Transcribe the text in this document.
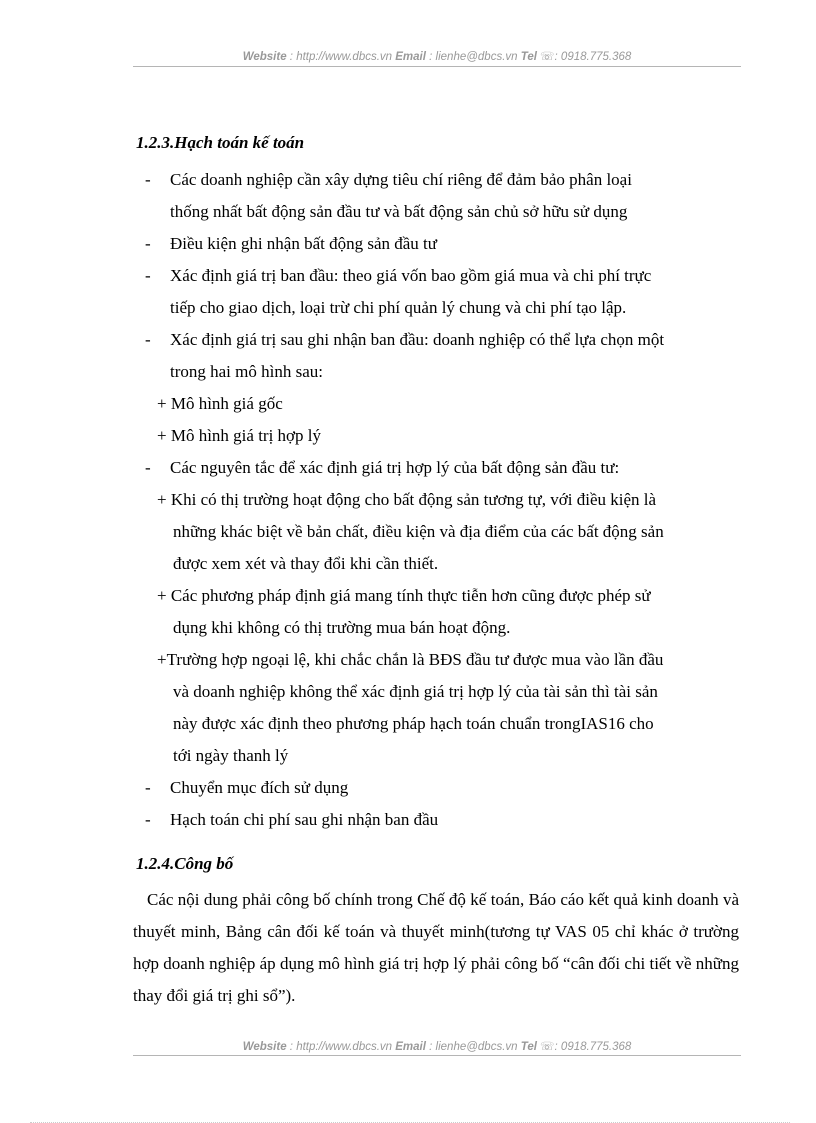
Website : http://www.dbcs.vn Email : lienhe@dbcs.vn Tel ☏: 0918.775.368

1.2.3.Hạch toán kế toán

- Các doanh nghiệp cần xây dựng tiêu chí riêng để đảm bảo phân loại
thống nhất bất động sản đầu tư và bất động sản chủ sở hữu sử dụng
- Điều kiện ghi nhận bất động sản đầu tư
- Xác định giá trị ban đầu: theo giá vốn bao gồm giá mua và chi phí trực
tiếp cho giao dịch, loại trừ chi phí quản lý chung và chi phí tạo lập.
- Xác định giá trị sau ghi nhận ban đầu: doanh nghiệp có thể lựa chọn một
trong hai mô hình sau:
+ Mô hình giá gốc
+ Mô hình giá trị hợp lý
- Các nguyên tắc để xác định giá trị hợp lý của bất động sản đầu tư:
+ Khi có thị trường hoạt động cho bất động sản tương tự, với điều kiện là
những khác biệt về bản chất, điều kiện và địa điểm của các bất động sản
được xem xét và thay đổi khi cần thiết.
+ Các phương pháp định giá mang tính thực tiễn hơn cũng được phép sử
dụng khi không có thị trường mua bán hoạt động.
+Trường hợp ngoại lệ, khi chắc chắn là BĐS đầu tư được mua vào lần đầu
và doanh nghiệp không thể xác định giá trị hợp lý của tài sản thì tài sản
này được xác định theo phương pháp hạch toán chuẩn trongIAS16 cho
tới ngày thanh lý
- Chuyển mục đích sử dụng
- Hạch toán chi phí sau ghi nhận ban đầu

1.2.4.Công bố

Các nội dung phải công bố chính trong Chế độ kế toán, Báo cáo kết quả kinh doanh và thuyết minh, Bảng cân đối kế toán và thuyết minh(tương tự VAS 05 chỉ khác ở trường hợp doanh nghiệp áp dụng mô hình giá trị hợp lý phải công bố “cân đối chi tiết về những thay đổi giá trị ghi sổ”).
Website : http://www.dbcs.vn Email : lienhe@dbcs.vn Tel ☏: 0918.775.368
